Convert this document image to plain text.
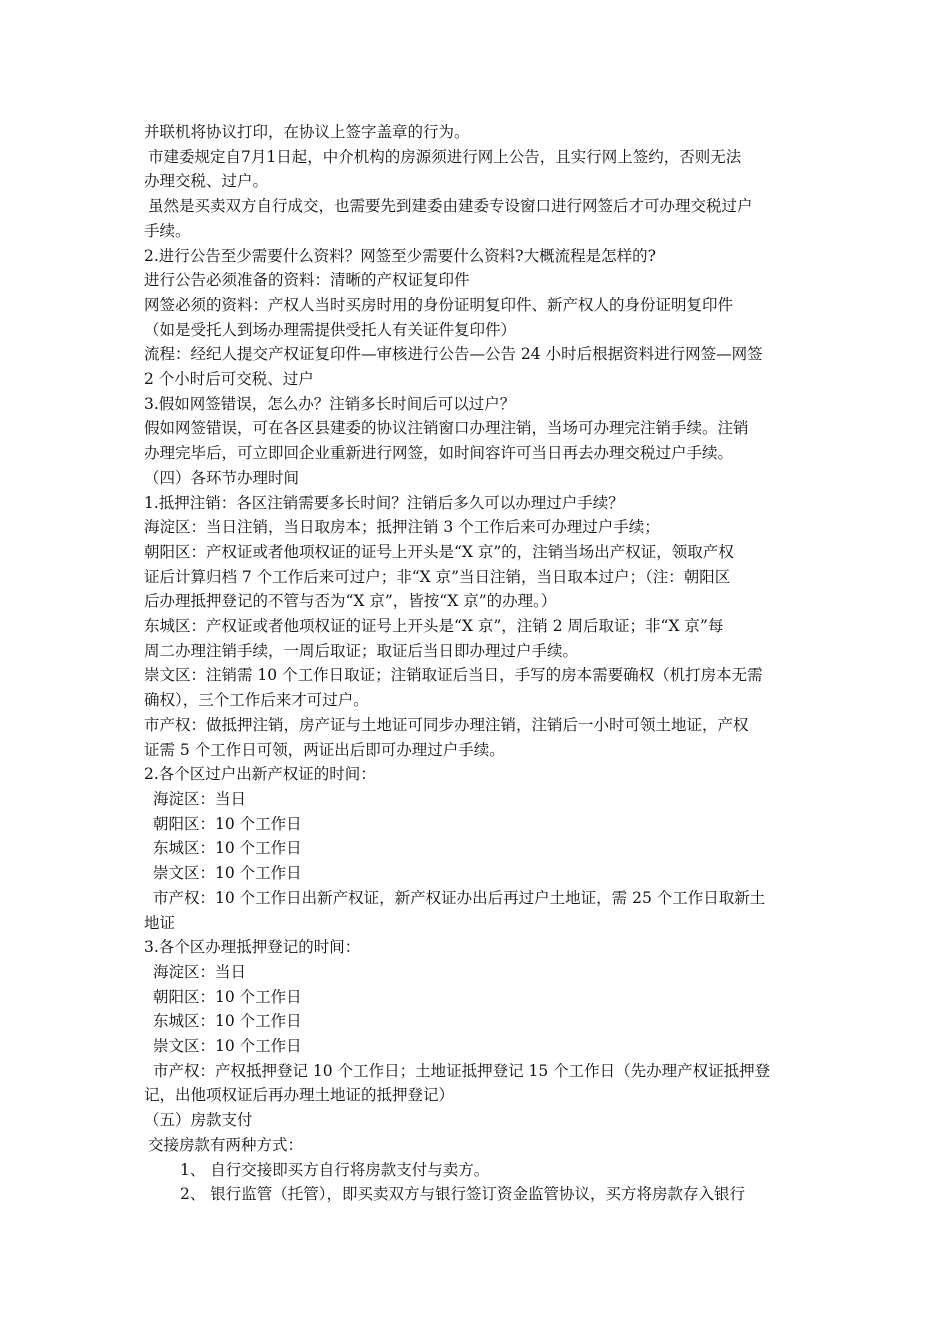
并联机将协议打印，在协议上签字盖章的行为。
市建委规定自7月1日起，中介机构的房源须进行网上公告，且实行网上签约，否则无法
办理交税、过户。
虽然是买卖双方自行成交，也需要先到建委由建委专设窗口进行网签后才可办理交税过户
手续。
2.进行公告至少需要什么资料？网签至少需要什么资料?大概流程是怎样的?
进行公告必须准备的资料：清晰的产权证复印件
网签必须的资料：产权人当时买房时用的身份证明复印件、新产权人的身份证明复印件
（如是受托人到场办理需提供受托人有关证件复印件）
流程：经纪人提交产权证复印件—审核进行公告—公告 24 小时后根据资料进行网签—网签
2 个小时后可交税、过户
3.假如网签错误，怎么办？注销多长时间后可以过户？
假如网签错误，可在各区县建委的协议注销窗口办理注销，当场可办理完注销手续。注销
办理完毕后，可立即回企业重新进行网签，如时间容许可当日再去办理交税过户手续。
（四）各环节办理时间
1.抵押注销：各区注销需要多长时间？注销后多久可以办理过户手续？
海淀区：当日注销，当日取房本；抵押注销 3 个工作后来可办理过户手续；
朝阳区：产权证或者他项权证的证号上开头是“X 京”的，注销当场出产权证，领取产权
证后计算归档 7 个工作后来可过户；非“X 京”当日注销，当日取本过户；（注：朝阳区
后办理抵押登记的不管与否为“X 京”，皆按“X 京”的办理。）
东城区：产权证或者他项权证的证号上开头是“X 京”，注销 2 周后取证；非“X 京”每
周二办理注销手续，一周后取证；取证后当日即办理过户手续。
崇文区：注销需 10 个工作日取证；注销取证后当日，手写的房本需要确权（机打房本无需
确权），三个工作后来才可过户。
市产权：做抵押注销，房产证与土地证可同步办理注销，注销后一小时可领土地证，产权
证需 5 个工作日可领，两证出后即可办理过户手续。
2.各个区过户出新产权证的时间：
海淀区：当日
朝阳区：10 个工作日
东城区：10 个工作日
崇文区：10 个工作日
市产权：10 个工作日出新产权证，新产权证办出后再过户土地证，需 25 个工作日取新土
地证
3.各个区办理抵押登记的时间：
海淀区：当日
朝阳区：10 个工作日
东城区：10 个工作日
崇文区：10 个工作日
市产权：产权抵押登记 10 个工作日；土地证抵押登记 15 个工作日（先办理产权证抵押登
记，出他项权证后再办理土地证的抵押登记）
（五）房款支付
交接房款有两种方式：
1、 自行交接即买方自行将房款支付与卖方。
2、 银行监管（托管），即买卖双方与银行签订资金监管协议，买方将房款存入银行
